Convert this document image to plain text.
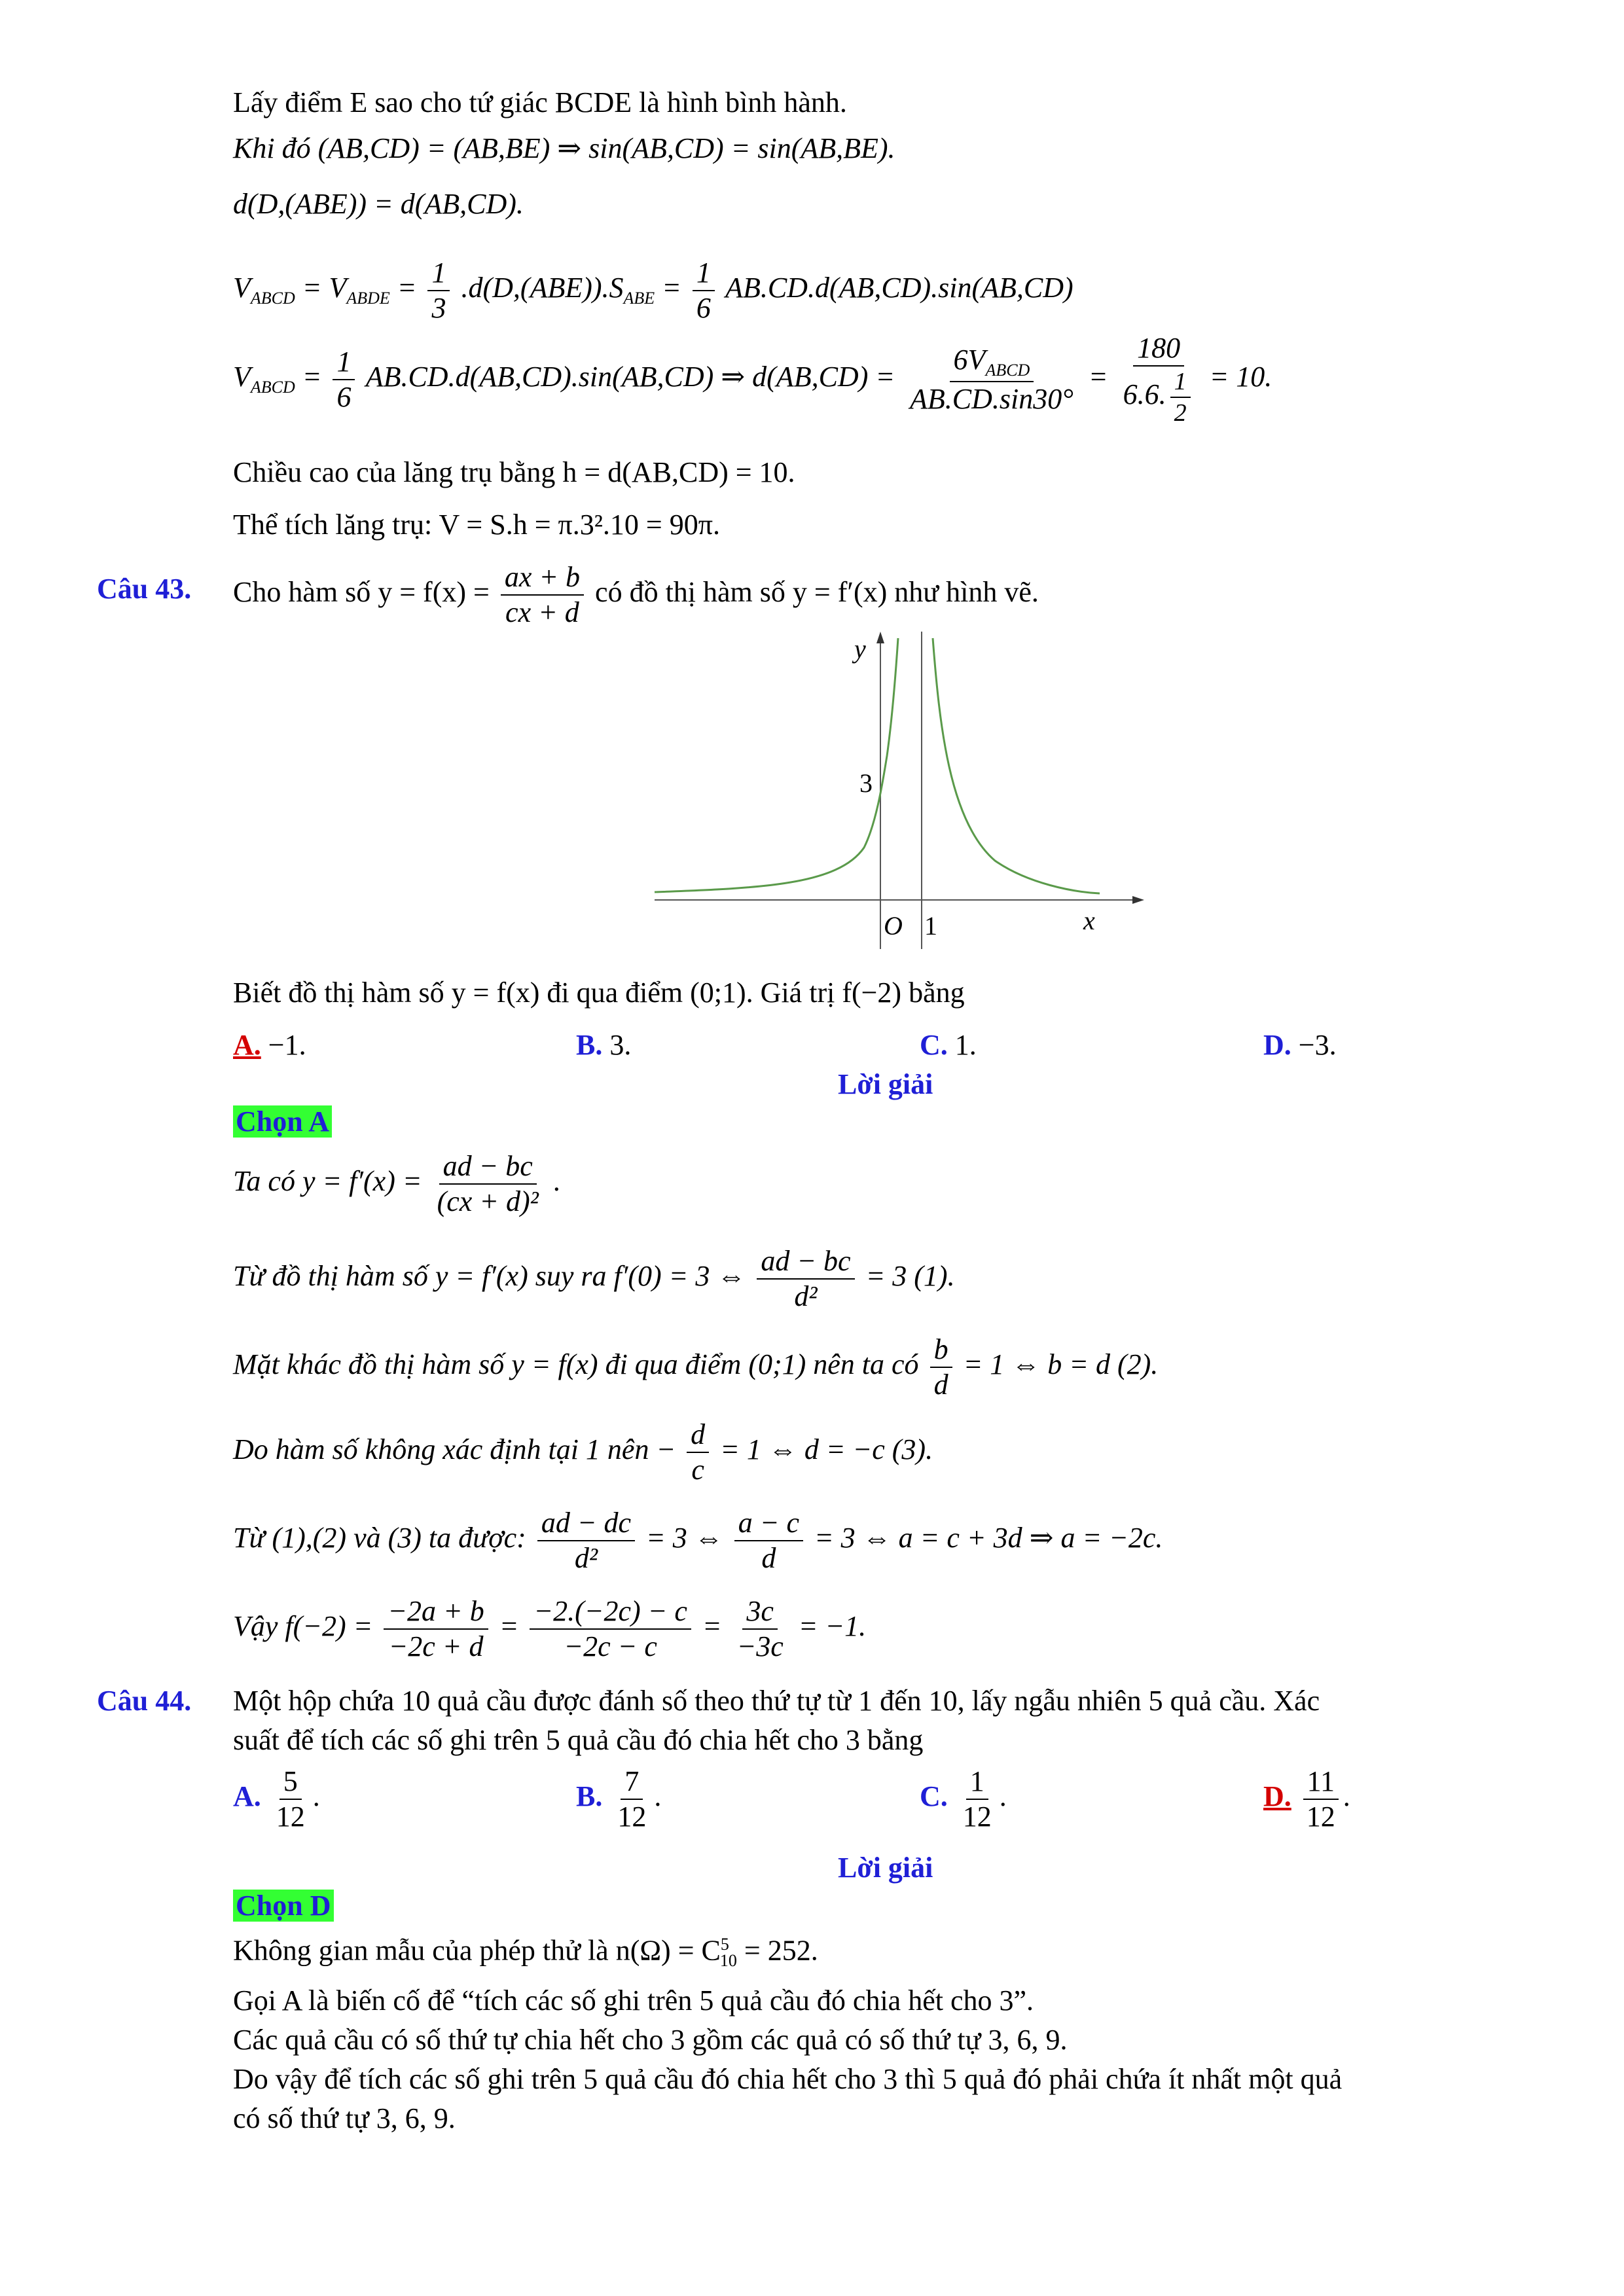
Lấy điểm E sao cho tứ giác BCDE là hình bình hành.
Khi đó (AB,CD) = (AB,BE) ⇒ sin(AB,CD) = sin(AB,BE).
d(D,(ABE)) = d(AB,CD).
$V_{ABCD} = V_{ABDE} = \frac{1}{3} .d(D,(ABE)).S_{ABE} = \frac{1}{6} AB.CD.d(AB,CD).\sin(AB,CD)$
$V_{ABCD} = \frac{1}{6} AB.CD.d(AB,CD).\sin(AB,CD)$ ⇒ $d(AB,CD) = \frac{6V_{ABCD}}{AB.CD.\sin 30^\circ} = \frac{180}{6.6. \frac{1}{2}} = 10$.
Chiều cao của lăng trụ bằng h = d(AB,CD) = 10.
Thể tích lăng trụ: V = S.h = π.3².10 = 90π.
Câu 43. Cho hàm số $y = f(x) = \frac{ax + b}{cx + d}$ có đồ thị hàm số y = f′(x) như hình vẽ.
y
3
O 1	x
Biết đồ thị hàm số y = f(x) đi qua điểm (0;1). Giá trị f(−2) bằng
A. −1.	B. 3.	C. 1.	D. −3.
Lời giải
Chọn A
Ta có $y = f'(x) = \frac{ad - bc}{\text{(cx + d)²}}$ .
Từ đồ thị hàm số y = f′(x) suy ra f′(0) = 3 ⇔ $\frac{ad - bc}{\text{d²}} = 3$ (1).
Mặt khác đồ thị hàm số y = f(x) đi qua điểm (0;1) nên ta có $\frac{b}{d} = 1$ ⇔ b = d (2).
Do hàm số không xác định tại 1 nên − $\frac{d}{c} = 1$ ⇔ d = −c (3).
Từ (1),(2) và (3) ta được: $\frac{ad - dc}{\text{d²}} = 3$ ⇔ $\frac{a - c}{d} = 3$ ⇔ a = c + 3d ⇒ a = −2c.
Vậy $f(-2) = \frac{-2a + b}{-2c + d} = \frac{-2.(-2c) - c}{-2c - c} = \frac{3c}{-3c} = -1$.
Câu 44. Một hộp chứa 10 quả cầu được đánh số theo thứ tự từ 1 đến 10, lấy ngẫu nhiên 5 quả cầu. Xác
suất để tích các số ghi trên 5 quả cầu đó chia hết cho 3 bằng
A. $\frac{5}{12}$ .	B. $\frac{7}{12}$ .	C. $\frac{1}{12}$ .	D. $\frac{11}{12}$ .
Lời giải
Chọn D
Không gian mẫu của phép thử là $n(\Omega) = C^5_{10} = 252$.
Gọi A là biến cố để “tích các số ghi trên 5 quả cầu đó chia hết cho 3”.
Các quả cầu có số thứ tự chia hết cho 3 gồm các quả có số thứ tự 3, 6, 9.
Do vậy để tích các số ghi trên 5 quả cầu đó chia hết cho 3 thì 5 quả đó phải chứa ít nhất một quả
có số thứ tự 3, 6, 9.
